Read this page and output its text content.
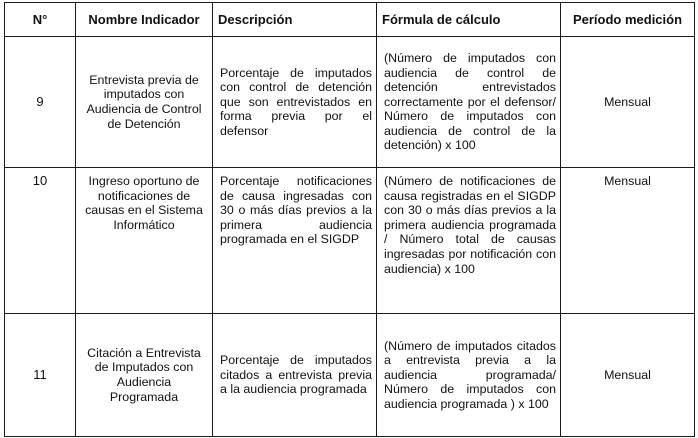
N°	Nombre Indicador	Descripción	Fórmula de cálculo	Período medición
9	Entrevista previa de imputados con Audiencia de Control de Detención	Porcentaje de imputados con control de detención que son entrevistados en forma previa por el defensor	(Número de imputados con audiencia de control de detención entrevistados correctamente por el defensor/ Número de imputados con audiencia de control de la detención) x 100	Mensual
10	Ingreso oportuno de notificaciones de causas en el Sistema Informático	Porcentaje notificaciones de causa ingresadas con 30 o más días previos a la primera audiencia programada en el SIGDP	(Número de notificaciones de causa registradas en el SIGDP con 30 o más días previos a la primera audiencia programada / Número total de causas ingresadas por notificación con audiencia) x 100	Mensual
11	Citación a Entrevista de Imputados con Audiencia Programada	Porcentaje de imputados citados a entrevista previa a la audiencia programada	(Número de imputados citados a entrevista previa a la audiencia programada/ Número de imputados con audiencia programada ) x 100	Mensual
